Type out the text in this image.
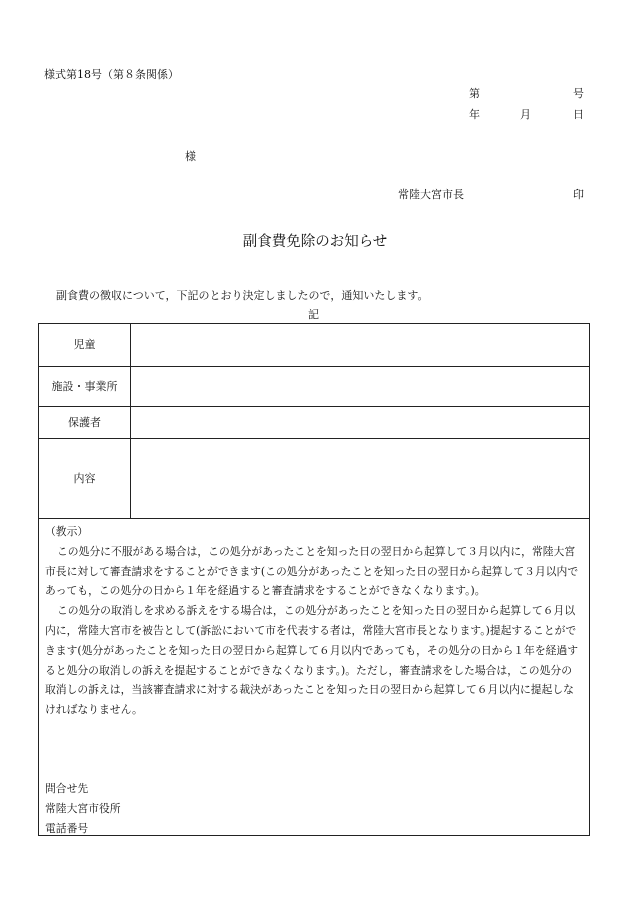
様式第18号（第８条関係）
第	号
年	月	日
様
常陸大宮市長	印
副食費免除のお知らせ
副食費の徴収について，下記のとおり決定しましたので，通知いたします。
記
児童
施設・事業所
保護者
内容

（教示）

この処分に不服がある場合は，この処分があったことを知った日の翌日から起算して３月以内に，常陸大宮市長に対して審査請求をすることができます(この処分があったことを知った日の翌日から起算して３月以内であっても，この処分の日から１年を経過すると審査請求をすることができなくなります。)。

この処分の取消しを求める訴えをする場合は，この処分があったことを知った日の翌日から起算して６月以内に，常陸大宮市を被告として(訴訟において市を代表する者は，常陸大宮市長となります。)提起することができます(処分があったことを知った日の翌日から起算して６月以内であっても，その処分の日から１年を経過すると処分の取消しの訴えを提起することができなくなります。)。ただし，審査請求をした場合は，この処分の取消しの訴えは，当該審査請求に対する裁決があったことを知った日の翌日から起算して６月以内に提起しなければなりません。

問合せ先
常陸大宮市役所
電話番号
